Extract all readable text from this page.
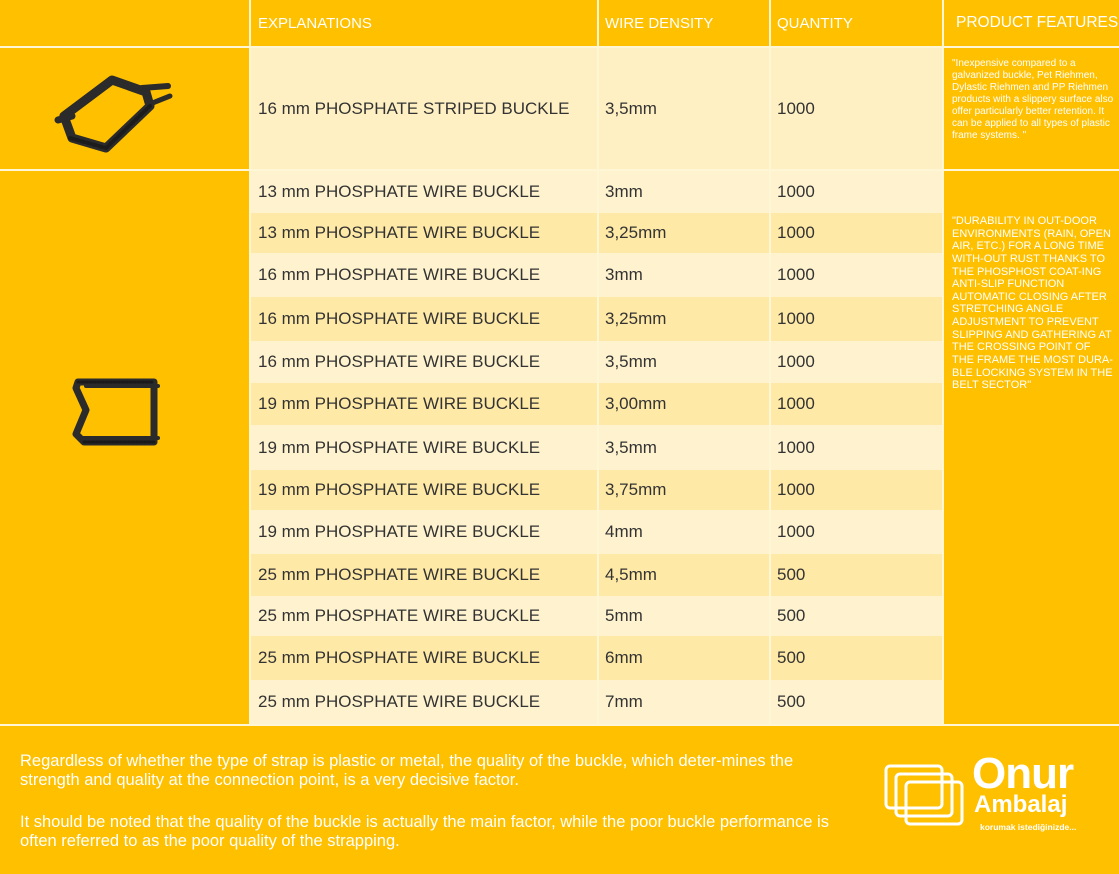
EXPLANATIONS	WIRE DENSITY	QUANTITY	PRODUCT FEATURES
16 mm PHOSPHATE STRIPED BUCKLE	3,5mm	1000
"Inexpensive compared to a galvanized buckle, Pet Riehmen, Dylastic Riehmen and PP Riehmen products with a slippery surface also offer particularly better retention. It can be applied to all types of plastic frame systems. "
13 mm PHOSPHATE WIRE BUCKLE	3mm	1000
13 mm PHOSPHATE WIRE BUCKLE	3,25mm	1000
16 mm PHOSPHATE WIRE BUCKLE	3mm	1000
16 mm PHOSPHATE WIRE BUCKLE	3,25mm	1000
16 mm PHOSPHATE WIRE BUCKLE	3,5mm	1000
19 mm PHOSPHATE WIRE BUCKLE	3,00mm	1000
19 mm PHOSPHATE WIRE BUCKLE	3,5mm	1000
19 mm PHOSPHATE WIRE BUCKLE	3,75mm	1000
19 mm PHOSPHATE WIRE BUCKLE	4mm	1000
25 mm PHOSPHATE WIRE BUCKLE	4,5mm	500
25 mm PHOSPHATE WIRE BUCKLE	5mm	500
25 mm PHOSPHATE WIRE BUCKLE	6mm	500
25 mm PHOSPHATE WIRE BUCKLE	7mm	500
"DURABILITY IN OUT-DOOR ENVIRONMENTS (RAIN, OPEN AIR, ETC.) FOR A LONG TIME WITH-OUT RUST THANKS TO THE PHOSPHOST COAT-ING ANTI-SLIP FUNCTION AUTOMATIC CLOSING AFTER STRETCHING ANGLE ADJUSTMENT TO PREVENT SLIPPING AND GATHERING AT THE CROSSING POINT OF THE FRAME THE MOST DURA-BLE LOCKING SYSTEM IN THE BELT SECTOR"
Regardless of whether the type of strap is plastic or metal, the quality of the buckle, which deter-mines the strength and quality at the connection point, is a very decisive factor.
It should be noted that the quality of the buckle is actually the main factor, while the poor buckle performance is often referred to as the poor quality of the strapping.
Onur
Ambalaj
korumak istediğinizde...
